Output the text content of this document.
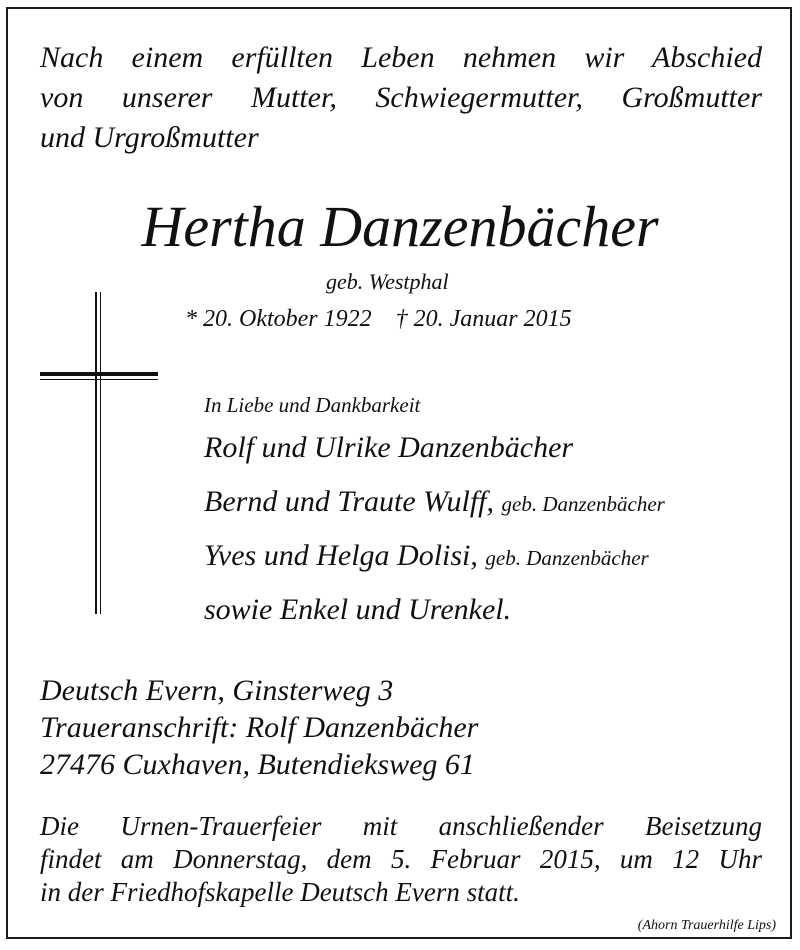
Nach einem erfüllten Leben nehmen wir Abschied
von unserer Mutter, Schwiegermutter, Großmutter
und Urgroßmutter
Hertha Danzenbächer
geb. Westphal
* 20. Oktober 1922    † 20. Januar 2015
In Liebe und Dankbarkeit
Rolf und Ulrike Danzenbächer
Bernd und Traute Wulff, geb. Danzenbächer
Yves und Helga Dolisi, geb. Danzenbächer
sowie Enkel und Urenkel.
Deutsch Evern, Ginsterweg 3
Traueranschrift: Rolf Danzenbächer
27476 Cuxhaven, Butendieksweg 61
Die Urnen-Trauerfeier mit anschließender Beisetzung
findet am Donnerstag, dem 5. Februar 2015, um 12 Uhr
in der Friedhofskapelle Deutsch Evern statt.
(Ahorn Trauerhilfe Lips)
